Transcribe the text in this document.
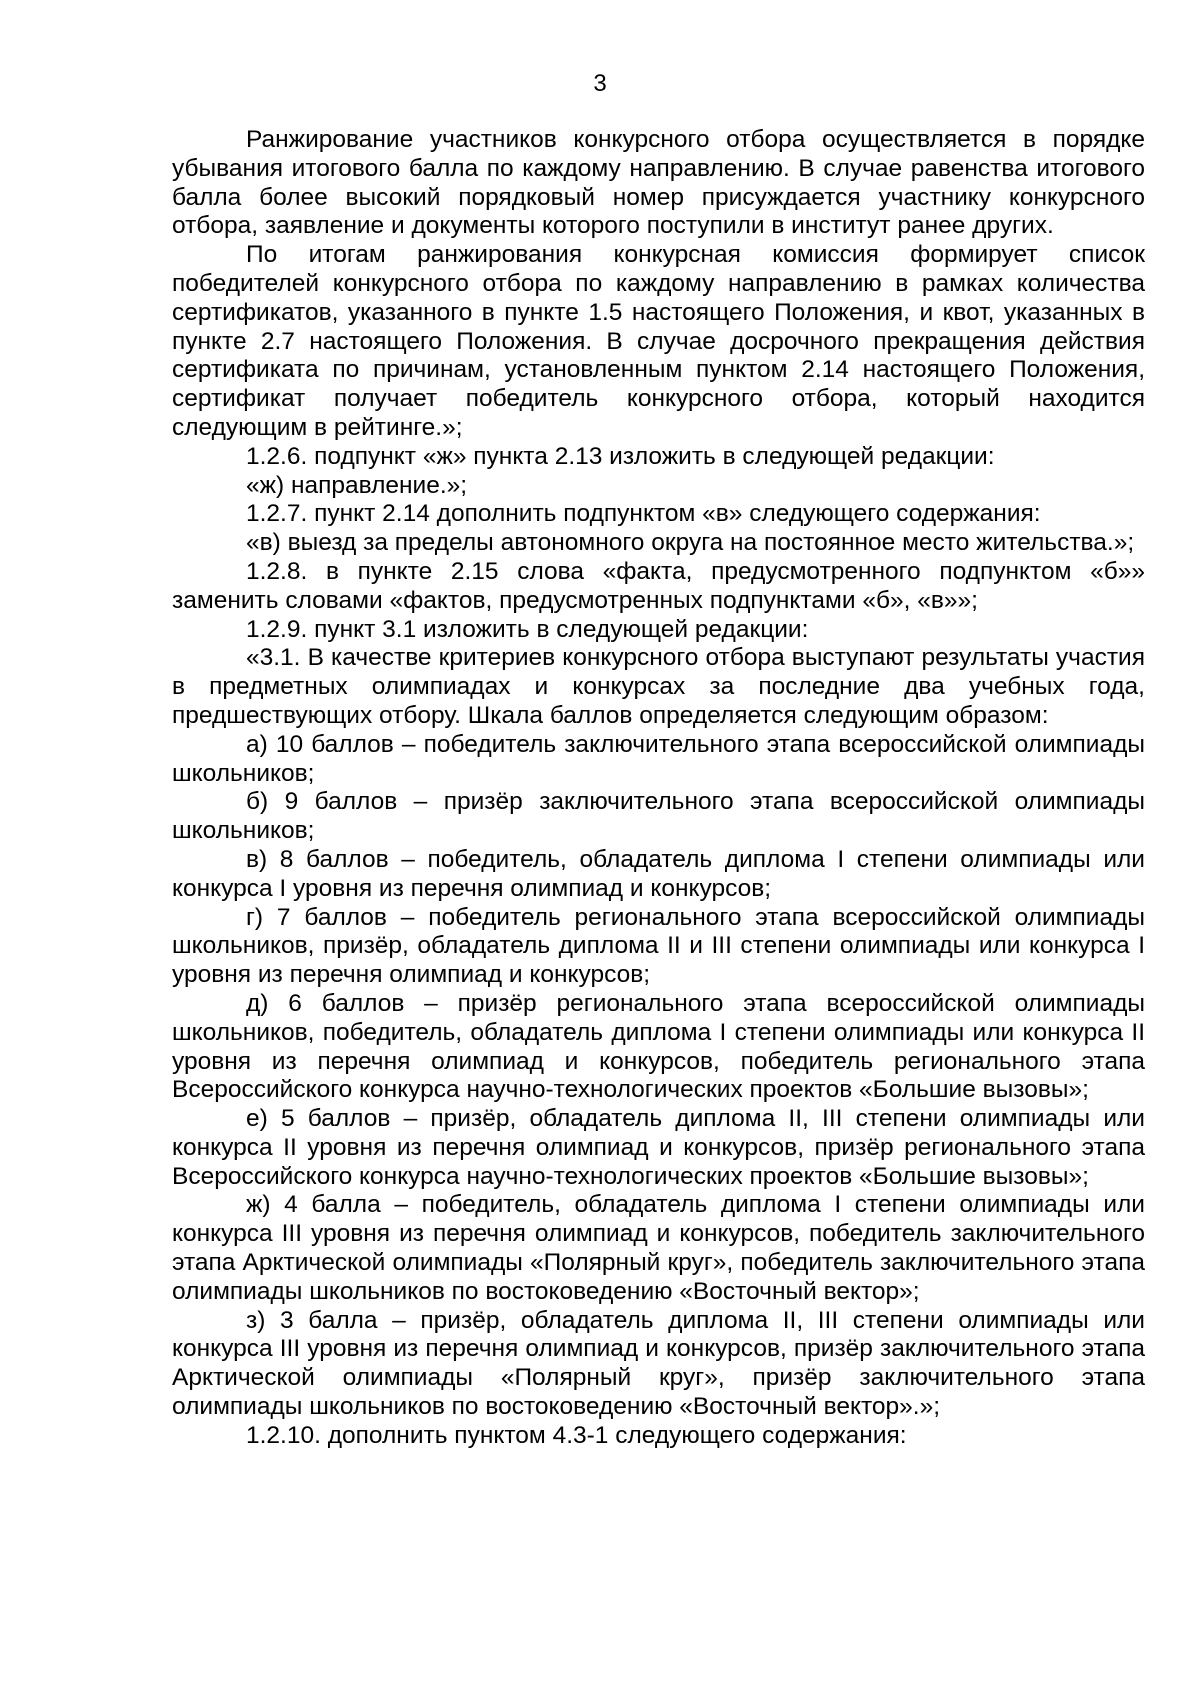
3

Ранжирование участников конкурсного отбора осуществляется в порядке убывания итогового балла по каждому направлению. В случае равенства итогового балла более высокий порядковый номер присуждается участнику конкурсного отбора, заявление и документы которого поступили в институт ранее других.

По итогам ранжирования конкурсная комиссия формирует список победителей конкурсного отбора по каждому направлению в рамках количества сертификатов, указанного в пункте 1.5 настоящего Положения, и квот, указанных в пункте 2.7 настоящего Положения. В случае досрочного прекращения действия сертификата по причинам, установленным пунктом 2.14 настоящего Положения, сертификат получает победитель конкурсного отбора, который находится следующим в рейтинге.»;

1.2.6. подпункт «ж» пункта 2.13 изложить в следующей редакции:

«ж) направление.»;

1.2.7. пункт 2.14 дополнить подпунктом «в» следующего содержания:

«в) выезд за пределы автономного округа на постоянное место жительства.»;

1.2.8. в пункте 2.15 слова «факта, предусмотренного подпунктом «б»» заменить словами «фактов, предусмотренных подпунктами «б», «в»»;

1.2.9. пункт 3.1 изложить в следующей редакции:

«3.1. В качестве критериев конкурсного отбора выступают результаты участия в предметных олимпиадах и конкурсах за последние два учебных года, предшествующих отбору. Шкала баллов определяется следующим образом:

а) 10 баллов – победитель заключительного этапа всероссийской олимпиады школьников;

б) 9 баллов – призёр заключительного этапа всероссийской олимпиады школьников;

в) 8 баллов – победитель, обладатель диплома I степени олимпиады или конкурса I уровня из перечня олимпиад и конкурсов;

г) 7 баллов – победитель регионального этапа всероссийской олимпиады школьников, призёр, обладатель диплома II и III степени олимпиады или конкурса I уровня из перечня олимпиад и конкурсов;

д) 6 баллов – призёр регионального этапа всероссийской олимпиады школьников, победитель, обладатель диплома I степени олимпиады или конкурса II уровня из перечня олимпиад и конкурсов, победитель регионального этапа Всероссийского конкурса научно-технологических проектов «Большие вызовы»;

е) 5 баллов – призёр, обладатель диплома II, III степени олимпиады или конкурса II уровня из перечня олимпиад и конкурсов, призёр регионального этапа Всероссийского конкурса научно-технологических проектов «Большие вызовы»;

ж) 4 балла – победитель, обладатель диплома I степени олимпиады или конкурса III уровня из перечня олимпиад и конкурсов, победитель заключительного этапа Арктической олимпиады «Полярный круг», победитель заключительного этапа олимпиады школьников по востоковедению «Восточный вектор»;

з) 3 балла – призёр, обладатель диплома II, III степени олимпиады или конкурса III уровня из перечня олимпиад и конкурсов, призёр заключительного этапа Арктической олимпиады «Полярный круг», призёр заключительного этапа олимпиады школьников по востоковедению «Восточный вектор».»;

1.2.10. дополнить пунктом 4.3-1 следующего содержания:
